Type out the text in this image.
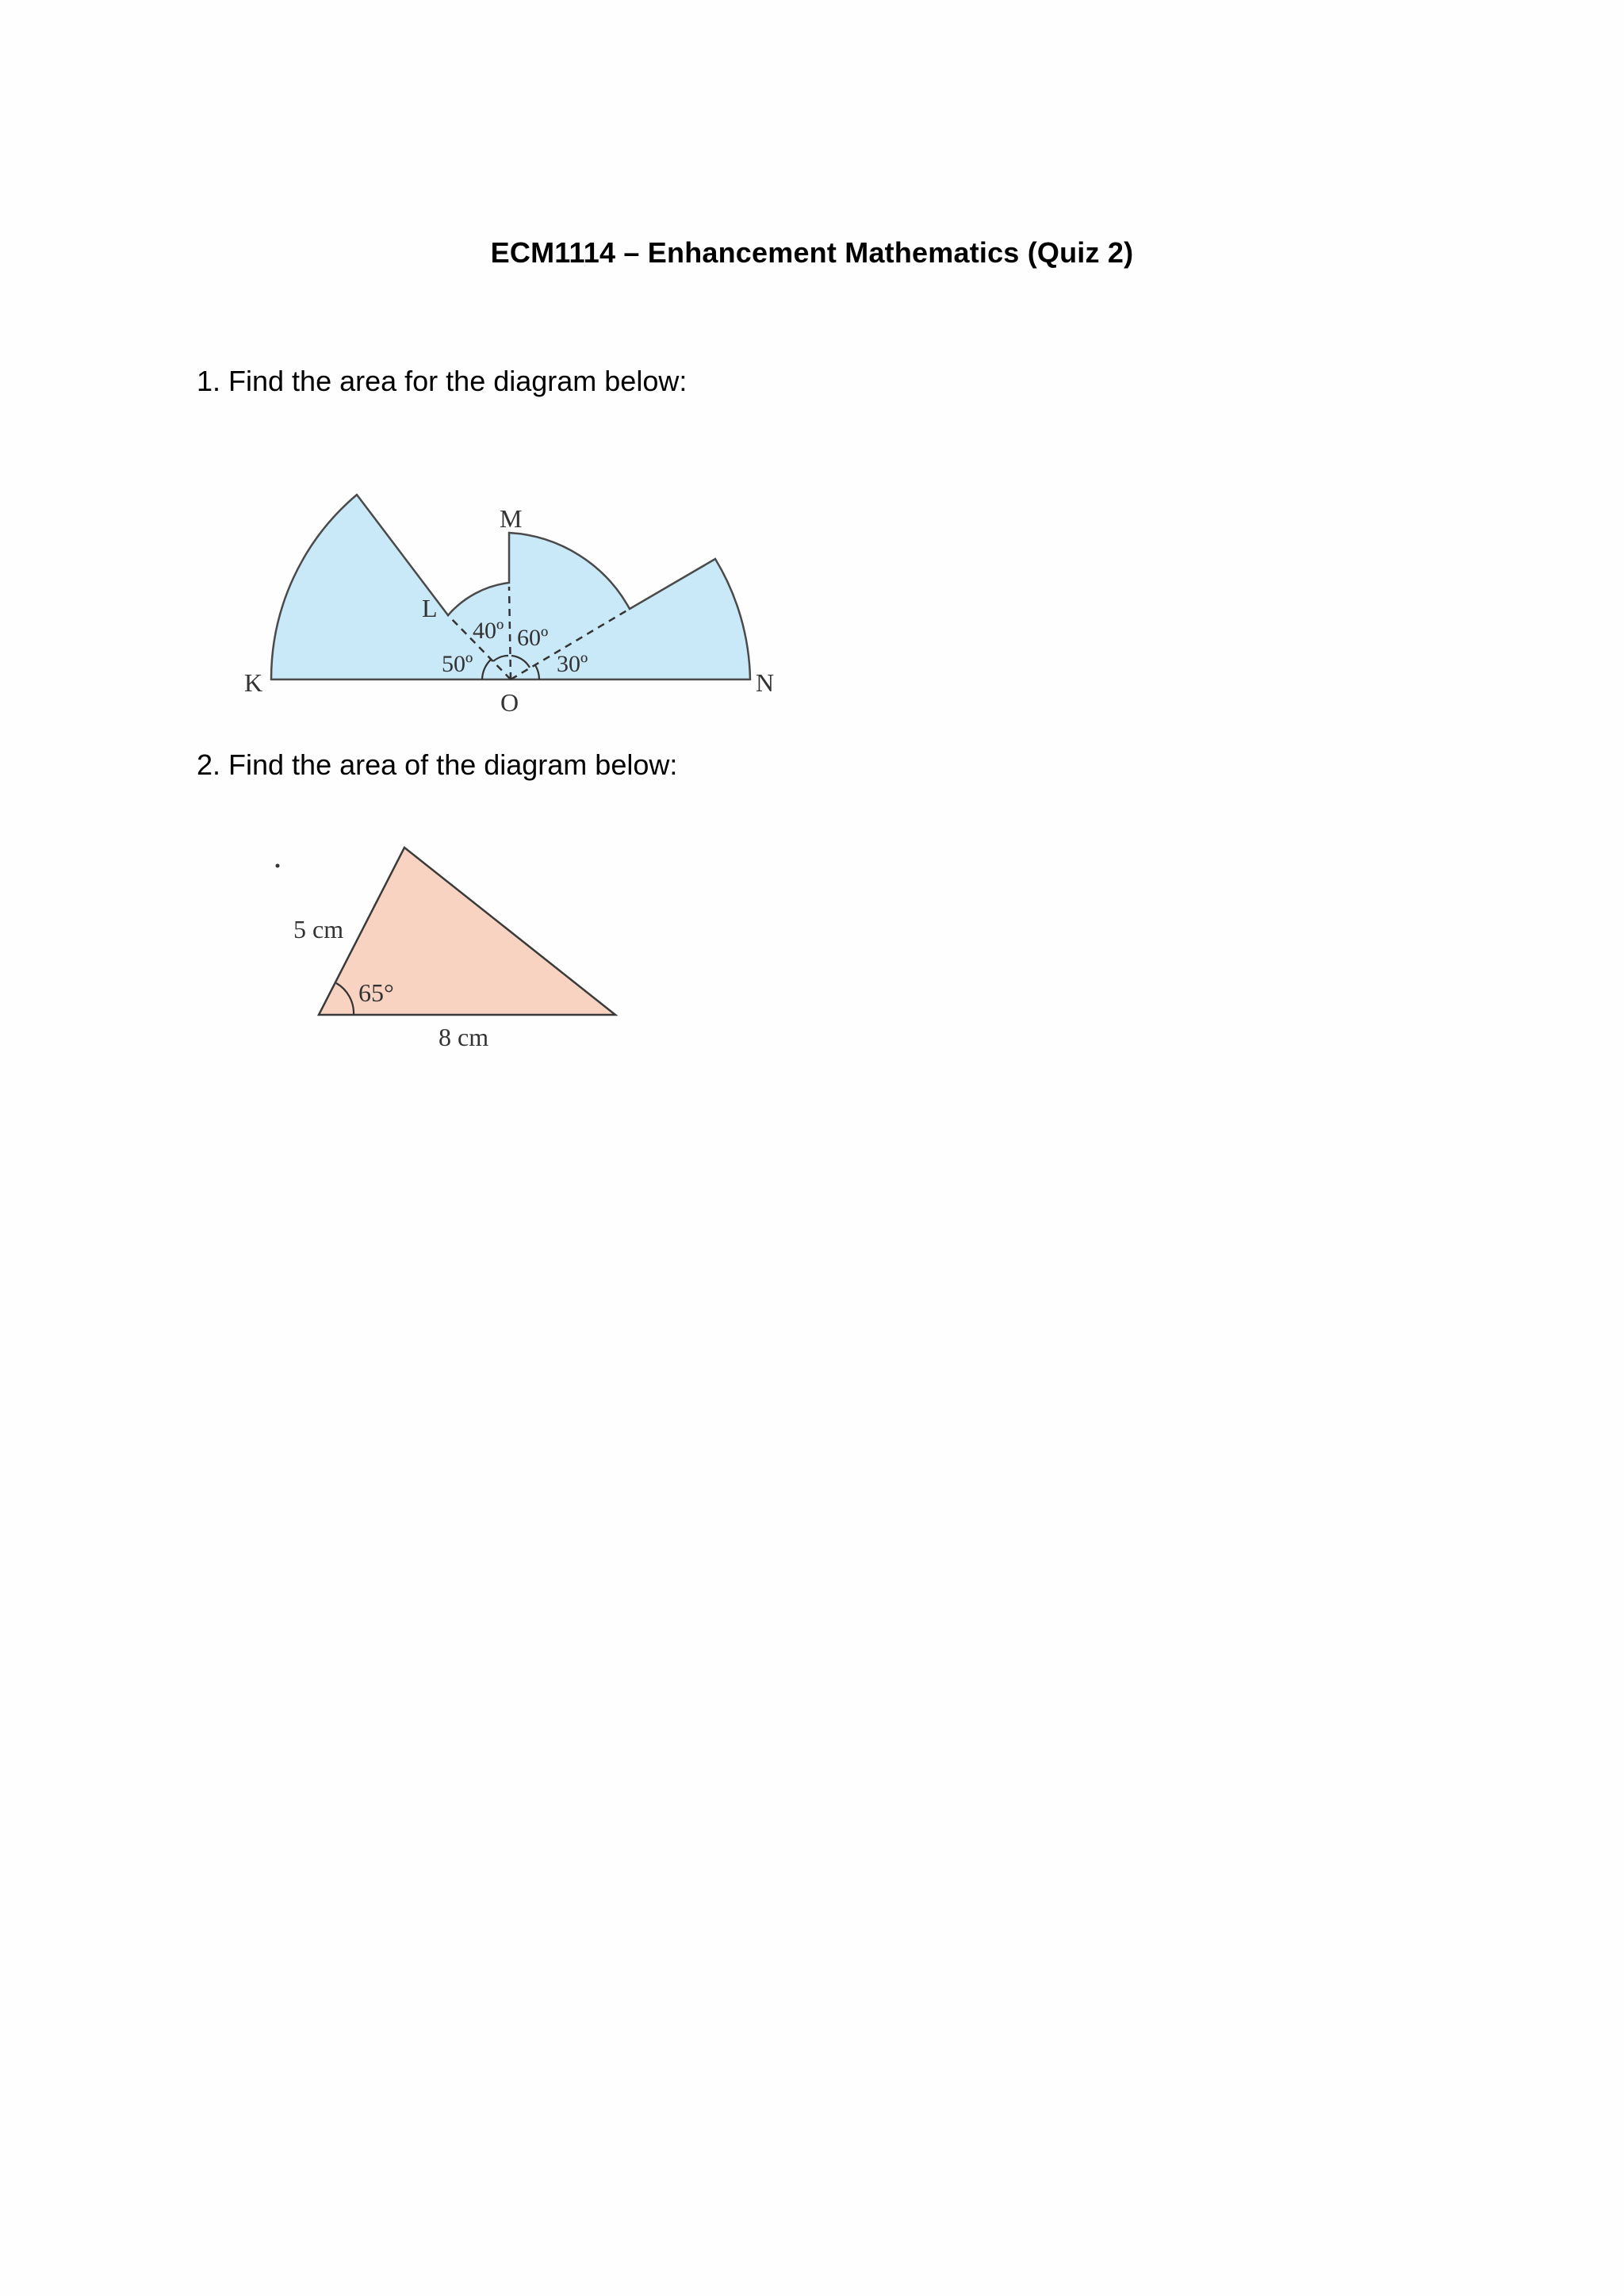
ECM1114 – Enhancement Mathematics (Quiz 2)
1. Find the area for the diagram below:
M
L
K	N
O
40º 60º
50º	30º
2. Find the area of the diagram below:
5 cm
65°
8 cm
